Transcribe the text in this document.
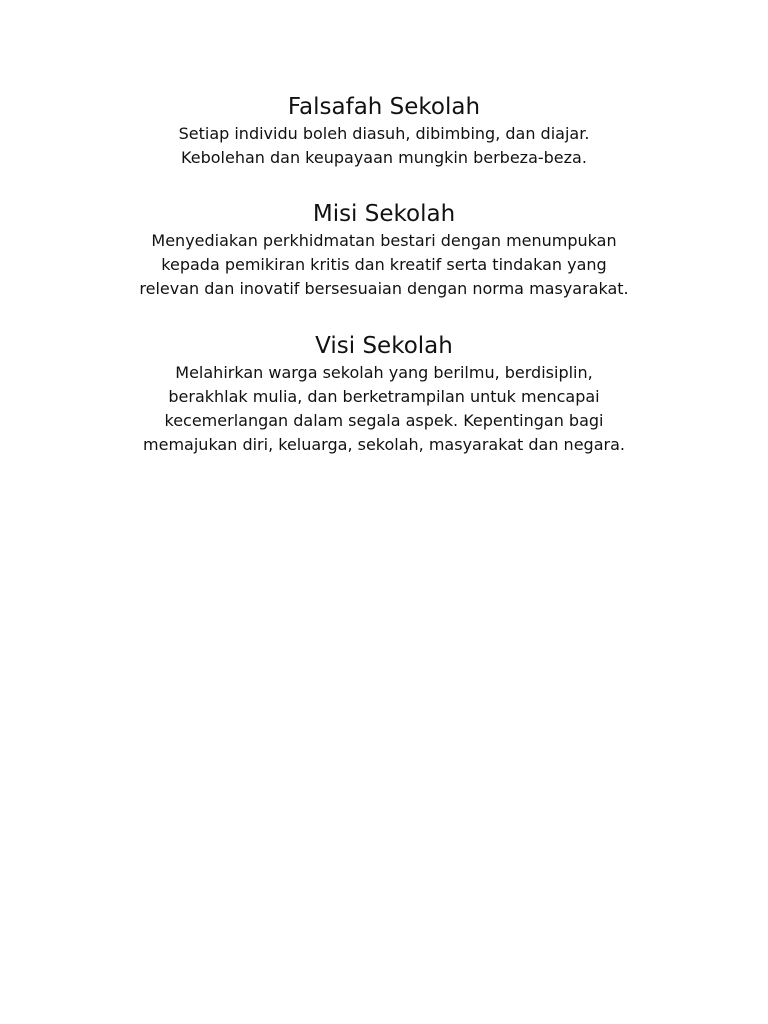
Falsafah Sekolah
Setiap individu boleh diasuh, dibimbing, dan diajar.
Kebolehan dan keupayaan mungkin berbeza-beza.
Misi Sekolah
Menyediakan perkhidmatan bestari dengan menumpukan
kepada pemikiran kritis dan kreatif serta tindakan yang
relevan dan inovatif bersesuaian dengan norma masyarakat.
Visi Sekolah
Melahirkan warga sekolah yang berilmu, berdisiplin,
berakhlak mulia, dan berketrampilan untuk mencapai
kecemerlangan dalam segala aspek. Kepentingan bagi
memajukan diri, keluarga, sekolah, masyarakat dan negara.
